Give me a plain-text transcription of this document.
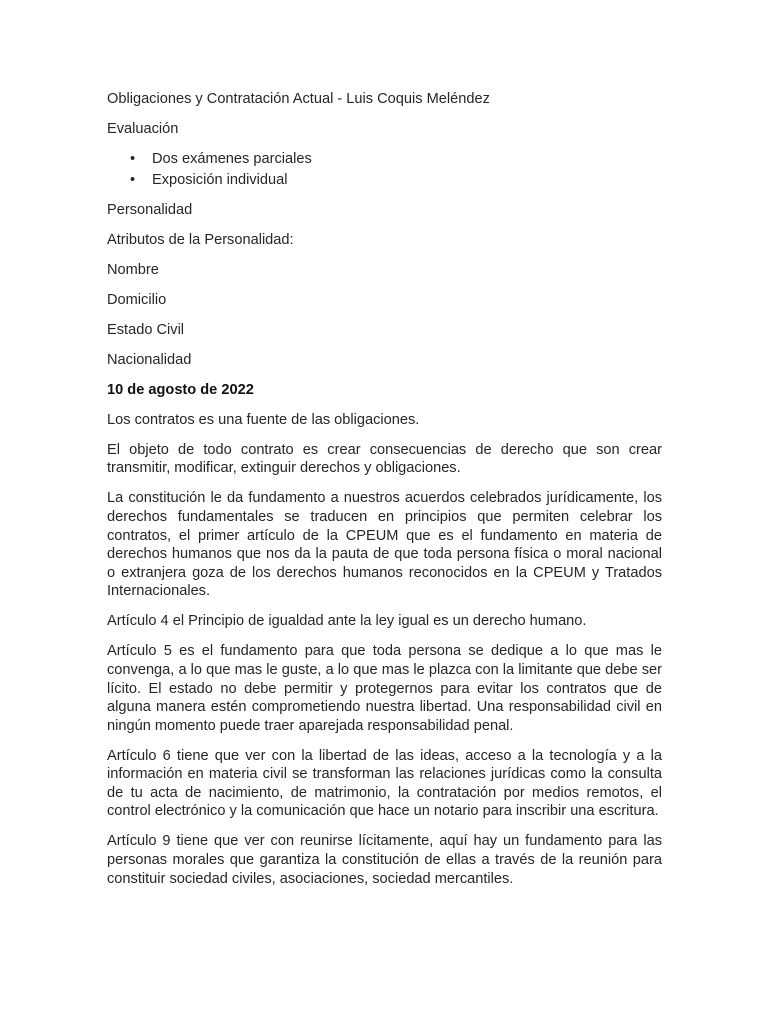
Obligaciones y Contratación Actual - Luis Coquis Meléndez

Evaluación

• Dos exámenes parciales
• Exposición individual

Personalidad

Atributos de la Personalidad:

Nombre

Domicilio

Estado Civil

Nacionalidad

10 de agosto de 2022

Los contratos es una fuente de las obligaciones.

El objeto de todo contrato es crear consecuencias de derecho que son crear transmitir, modificar, extinguir derechos y obligaciones.

La constitución le da fundamento a nuestros acuerdos celebrados jurídicamente, los derechos fundamentales se traducen en principios que permiten celebrar los contratos, el primer artículo de la CPEUM que es el fundamento en materia de derechos humanos que nos da la pauta de que toda persona física o moral nacional o extranjera goza de los derechos humanos reconocidos en la CPEUM y Tratados Internacionales.

Artículo 4 el Principio de igualdad ante la ley igual es un derecho humano.

Artículo 5 es el fundamento para que toda persona se dedique a lo que mas le convenga, a lo que mas le guste, a lo que mas le plazca con la limitante que debe ser lícito. El estado no debe permitir y protegernos para evitar los contratos que de alguna manera estén comprometiendo nuestra libertad. Una responsabilidad civil en ningún momento puede traer aparejada responsabilidad penal.

Artículo 6 tiene que ver con la libertad de las ideas, acceso a la tecnología y a la información en materia civil se transforman las relaciones jurídicas como la consulta de tu acta de nacimiento, de matrimonio, la contratación por medios remotos, el control electrónico y la comunicación que hace un notario para inscribir una escritura.

Artículo 9 tiene que ver con reunirse lícitamente, aquí hay un fundamento para las personas morales que garantiza la constitución de ellas a través de la reunión para constituir sociedad civiles, asociaciones, sociedad mercantiles.
